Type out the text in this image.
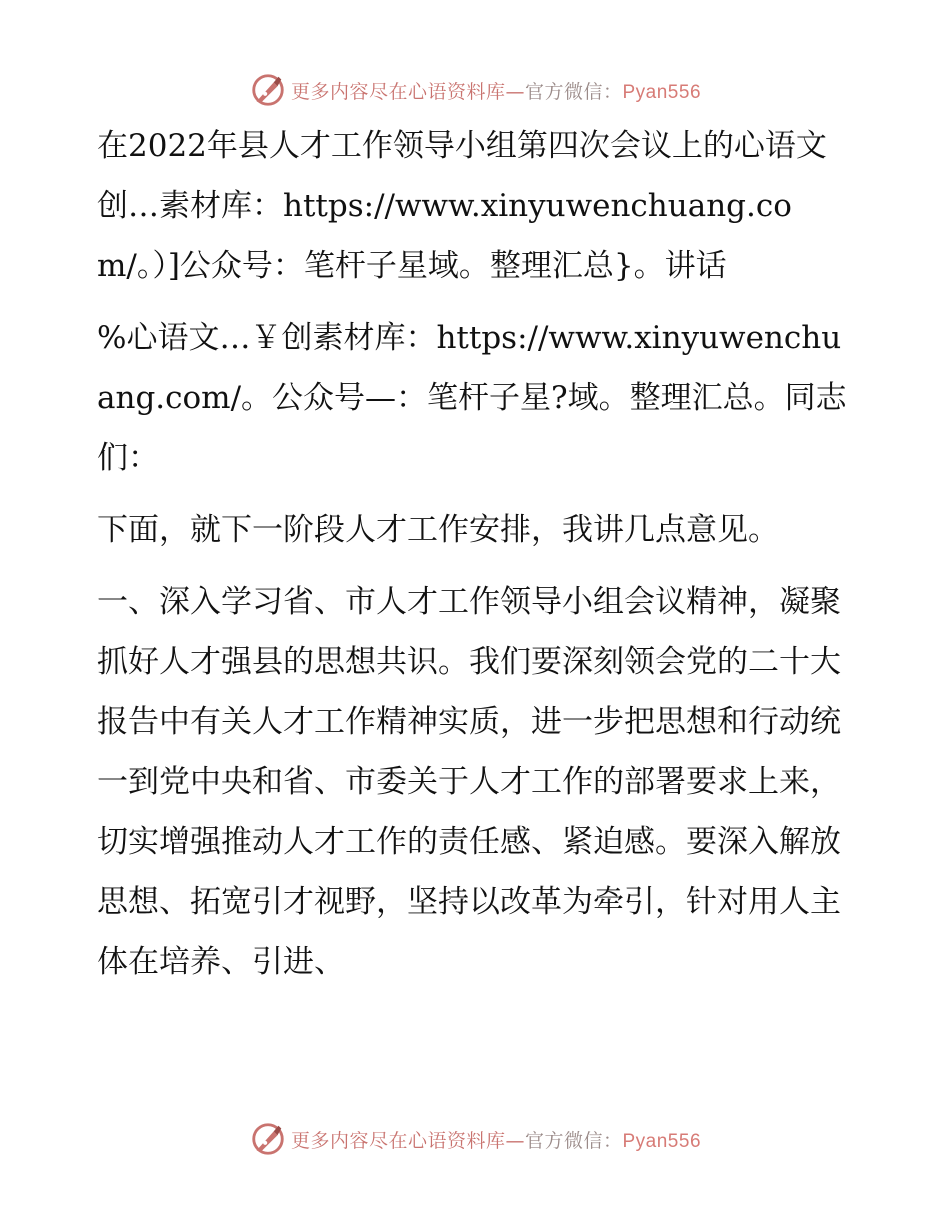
更多内容尽在心语资料库—官方微信：Pyan556

在2022年县人才工作领导小组第四次会议上的心语文创…素材库：https://www.xinyuwenchuang.com/。）]公众号：笔杆子星域。整理汇总}。讲话

%心语文…￥创素材库：https://www.xinyuwenchuang.com/。公众号—：笔杆子星?域。整理汇总。同志们：

下面，就下一阶段人才工作安排，我讲几点意见。

一、深入学习省、市人才工作领导小组会议精神，凝聚抓好人才强县的思想共识。我们要深刻领会党的二十大报告中有关人才工作精神实质，进一步把思想和行动统一到党中央和省、市委关于人才工作的部署要求上来，切实增强推动人才工作的责任感、紧迫感。要深入解放思想、拓宽引才视野，坚持以改革为牵引，针对用人主体在培养、引进、

更多内容尽在心语资料库—官方微信：Pyan556
